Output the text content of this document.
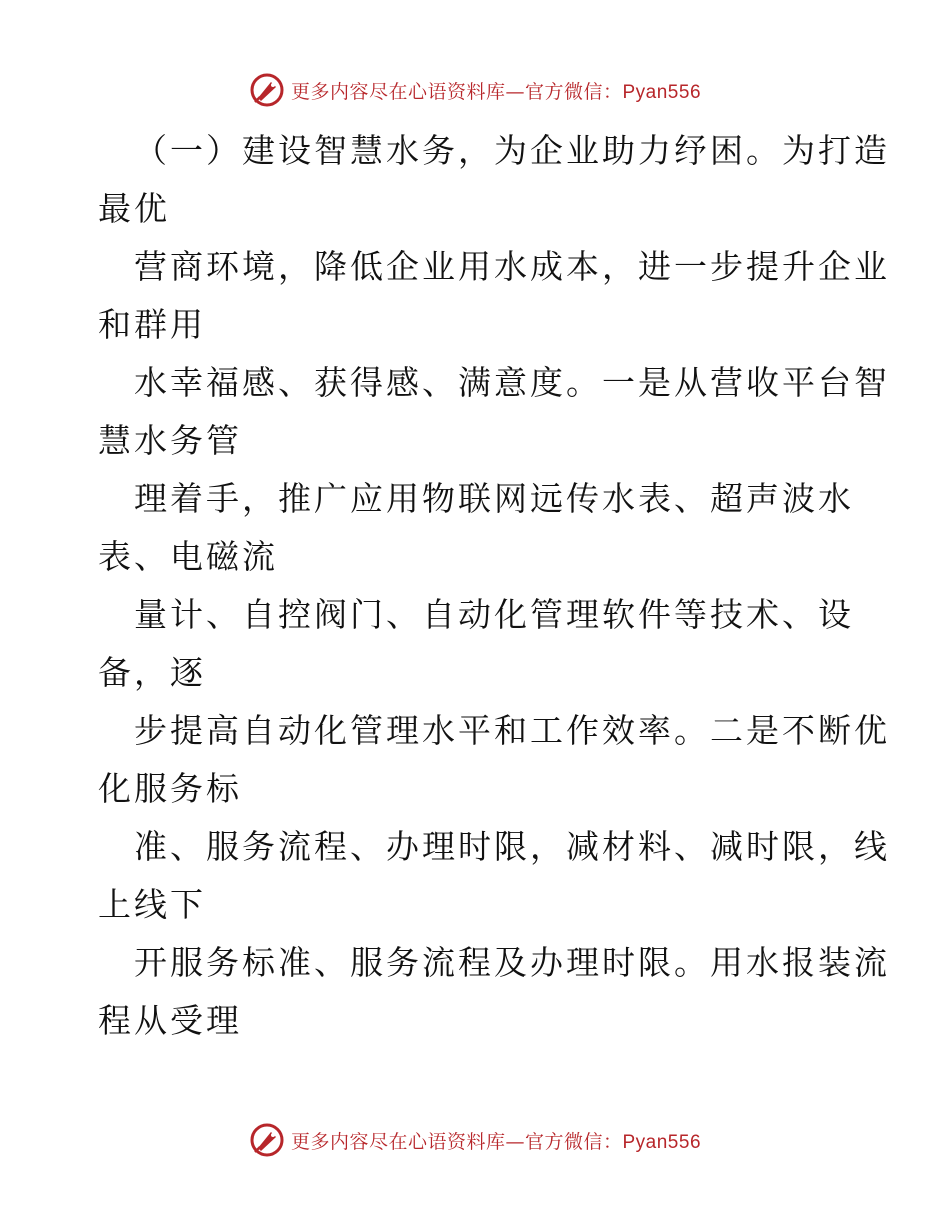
更多内容尽在心语资料库—官方微信：Pyan556
（一）建设智慧水务，为企业助力纾困。为打造
最优
营商环境，降低企业用水成本，进一步提升企业
和群用
水幸福感、获得感、满意度。一是从营收平台智
慧水务管
理着手，推广应用物联网远传水表、超声波水
表、电磁流
量计、自控阀门、自动化管理软件等技术、设
备，逐
步提高自动化管理水平和工作效率。二是不断优
化服务标
准、服务流程、办理时限，减材料、减时限，线
上线下
开服务标准、服务流程及办理时限。用水报装流
程从受理
更多内容尽在心语资料库—官方微信：Pyan556
